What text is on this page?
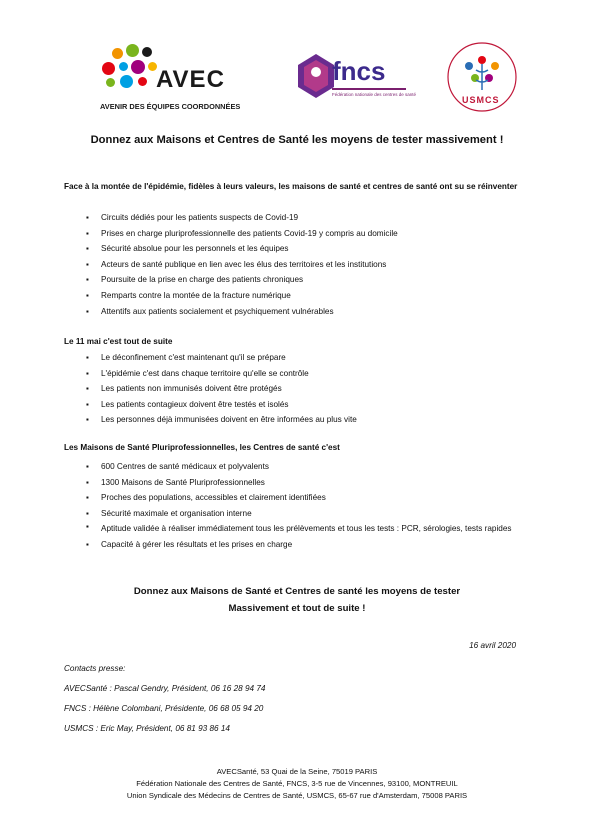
AVEC
AVENIR DES ÉQUIPES COORDONNÉES
fncs
Fédération nationale des centres de santé
USMCS
Donnez aux Maisons et Centres de Santé les moyens de tester massivement !
Face à la montée de l'épidémie, fidèles à leurs valeurs, les maisons de santé et centres de santé ont su se réinventer
▪ Circuits dédiés pour les patients suspects de Covid-19
▪ Prises en charge pluriprofessionnelle des patients Covid-19 y compris au domicile
▪ Sécurité absolue pour les personnels et les équipes
▪ Acteurs de santé publique en lien avec les élus des territoires et les institutions
▪ Poursuite de la prise en charge des patients chroniques
▪ Remparts contre la montée de la fracture numérique
▪ Attentifs aux patients socialement et psychiquement vulnérables
Le 11 mai c'est tout de suite
▪ Le déconfinement c'est maintenant qu'il se prépare
▪ L'épidémie c'est dans chaque territoire qu'elle se contrôle
▪ Les patients non immunisés doivent être protégés
▪ Les patients contagieux doivent être testés et isolés
▪ Les personnes déjà immunisées doivent en être informées au plus vite
Les Maisons de Santé Pluriprofessionnelles, les Centres de santé c'est
▪ 600 Centres de santé médicaux et polyvalents
▪ 1300 Maisons de Santé Pluriprofessionnelles
▪ Proches des populations, accessibles et clairement identifiées
▪ Sécurité maximale et organisation interne
▪ Aptitude validée à réaliser immédiatement tous les prélèvements et tous les tests : PCR, sérologies, tests rapides
▪ Capacité à gérer les résultats et les prises en charge
Donnez aux Maisons de Santé et Centres de santé les moyens de tester
Massivement et tout de suite !
16 avril 2020
Contacts presse:
AVECSanté : Pascal Gendry, Président, 06 16 28 94 74
FNCS : Hélène Colombani, Présidente, 06 68 05 94 20
USMCS : Eric May, Président, 06 81 93 86 14
AVECSanté, 53 Quai de la Seine, 75019 PARIS
Fédération Nationale des Centres de Santé, FNCS, 3-5 rue de Vincennes, 93100, MONTREUIL
Union Syndicale des Médecins de Centres de Santé, USMCS, 65-67 rue d'Amsterdam, 75008 PARIS
